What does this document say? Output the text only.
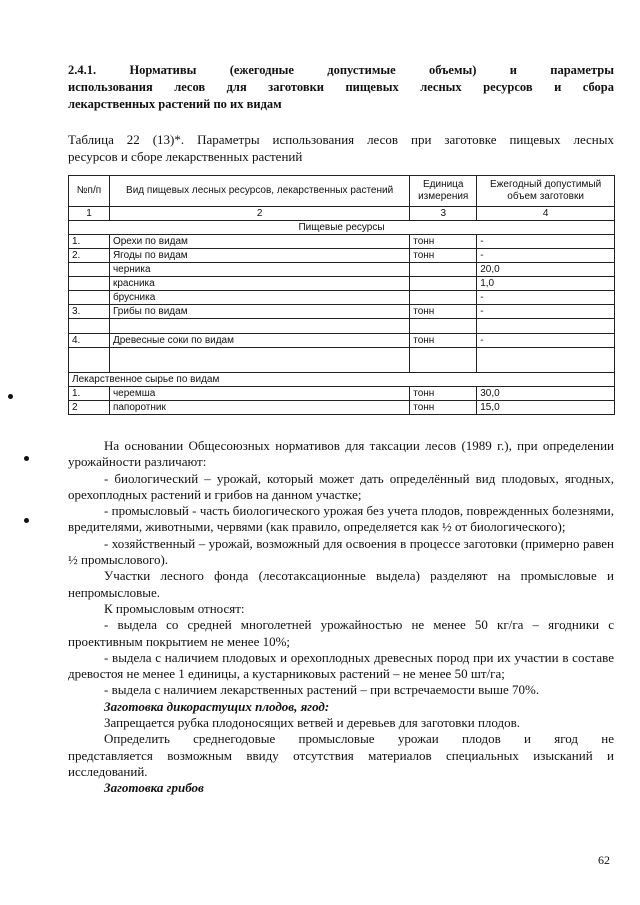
2.4.1. Нормативы (ежегодные допустимые объемы) и параметры
использования лесов для заготовки пищевых лесных ресурсов и сбора
лекарственных растений по их видам
Таблица 22 (13)*. Параметры использования лесов при заготовке пищевых лесных
ресурсов и сборе лекарственных растений
№п/п	Вид пищевых лесных ресурсов, лекарственных растений	Единица измерения	Ежегодный допустимый объем заготовки
1	2	3	4
Пищевые ресурсы			
1.	Орехи по видам	тонн	-
2.	Ягоды по видам	тонн	-
	черника		20,0
	красника		1,0
	брусника		-
3.	Грибы по видам	тонн	-

4.	Древесные соки по видам	тонн	-

Лекарственное сырье по видам			
1.	черемша	тонн	30,0
2	папоротник	тонн	15,0

На основании Общесоюзных нормативов для таксации лесов (1989 г.), при определении урожайности различают:

- биологический – урожай, который может дать определённый вид плодовых, ягодных, орехоплодных растений и грибов на данном участке;

- промысловый - часть биологического урожая без учета плодов, поврежденных болезнями, вредителями, животными, червями (как правило, определяется как ½ от биологического);

- хозяйственный – урожай, возможный для освоения в процессе заготовки (примерно равен ½ промыслового).

Участки лесного фонда (лесотаксационные выдела) разделяют на промысловые и непромысловые.

К промысловым относят:

- выдела со средней многолетней урожайностью не менее 50 кг/га – ягодники с проективным покрытием не менее 10%;

- выдела с наличием плодовых и орехоплодных древесных пород при их участии в составе древостоя не менее 1 единицы, а кустарниковых растений – не менее 50 шт/га;

- выдела с наличием лекарственных растений – при встречаемости выше 70%.

Заготовка дикорастущих плодов, ягод:

Запрещается рубка плодоносящих ветвей и деревьев для заготовки плодов.

Определить среднегодовые промысловые урожаи плодов и ягод не

представляется возможным ввиду отсутствия материалов специальных изысканий и исследований.

Заготовка грибов

62
